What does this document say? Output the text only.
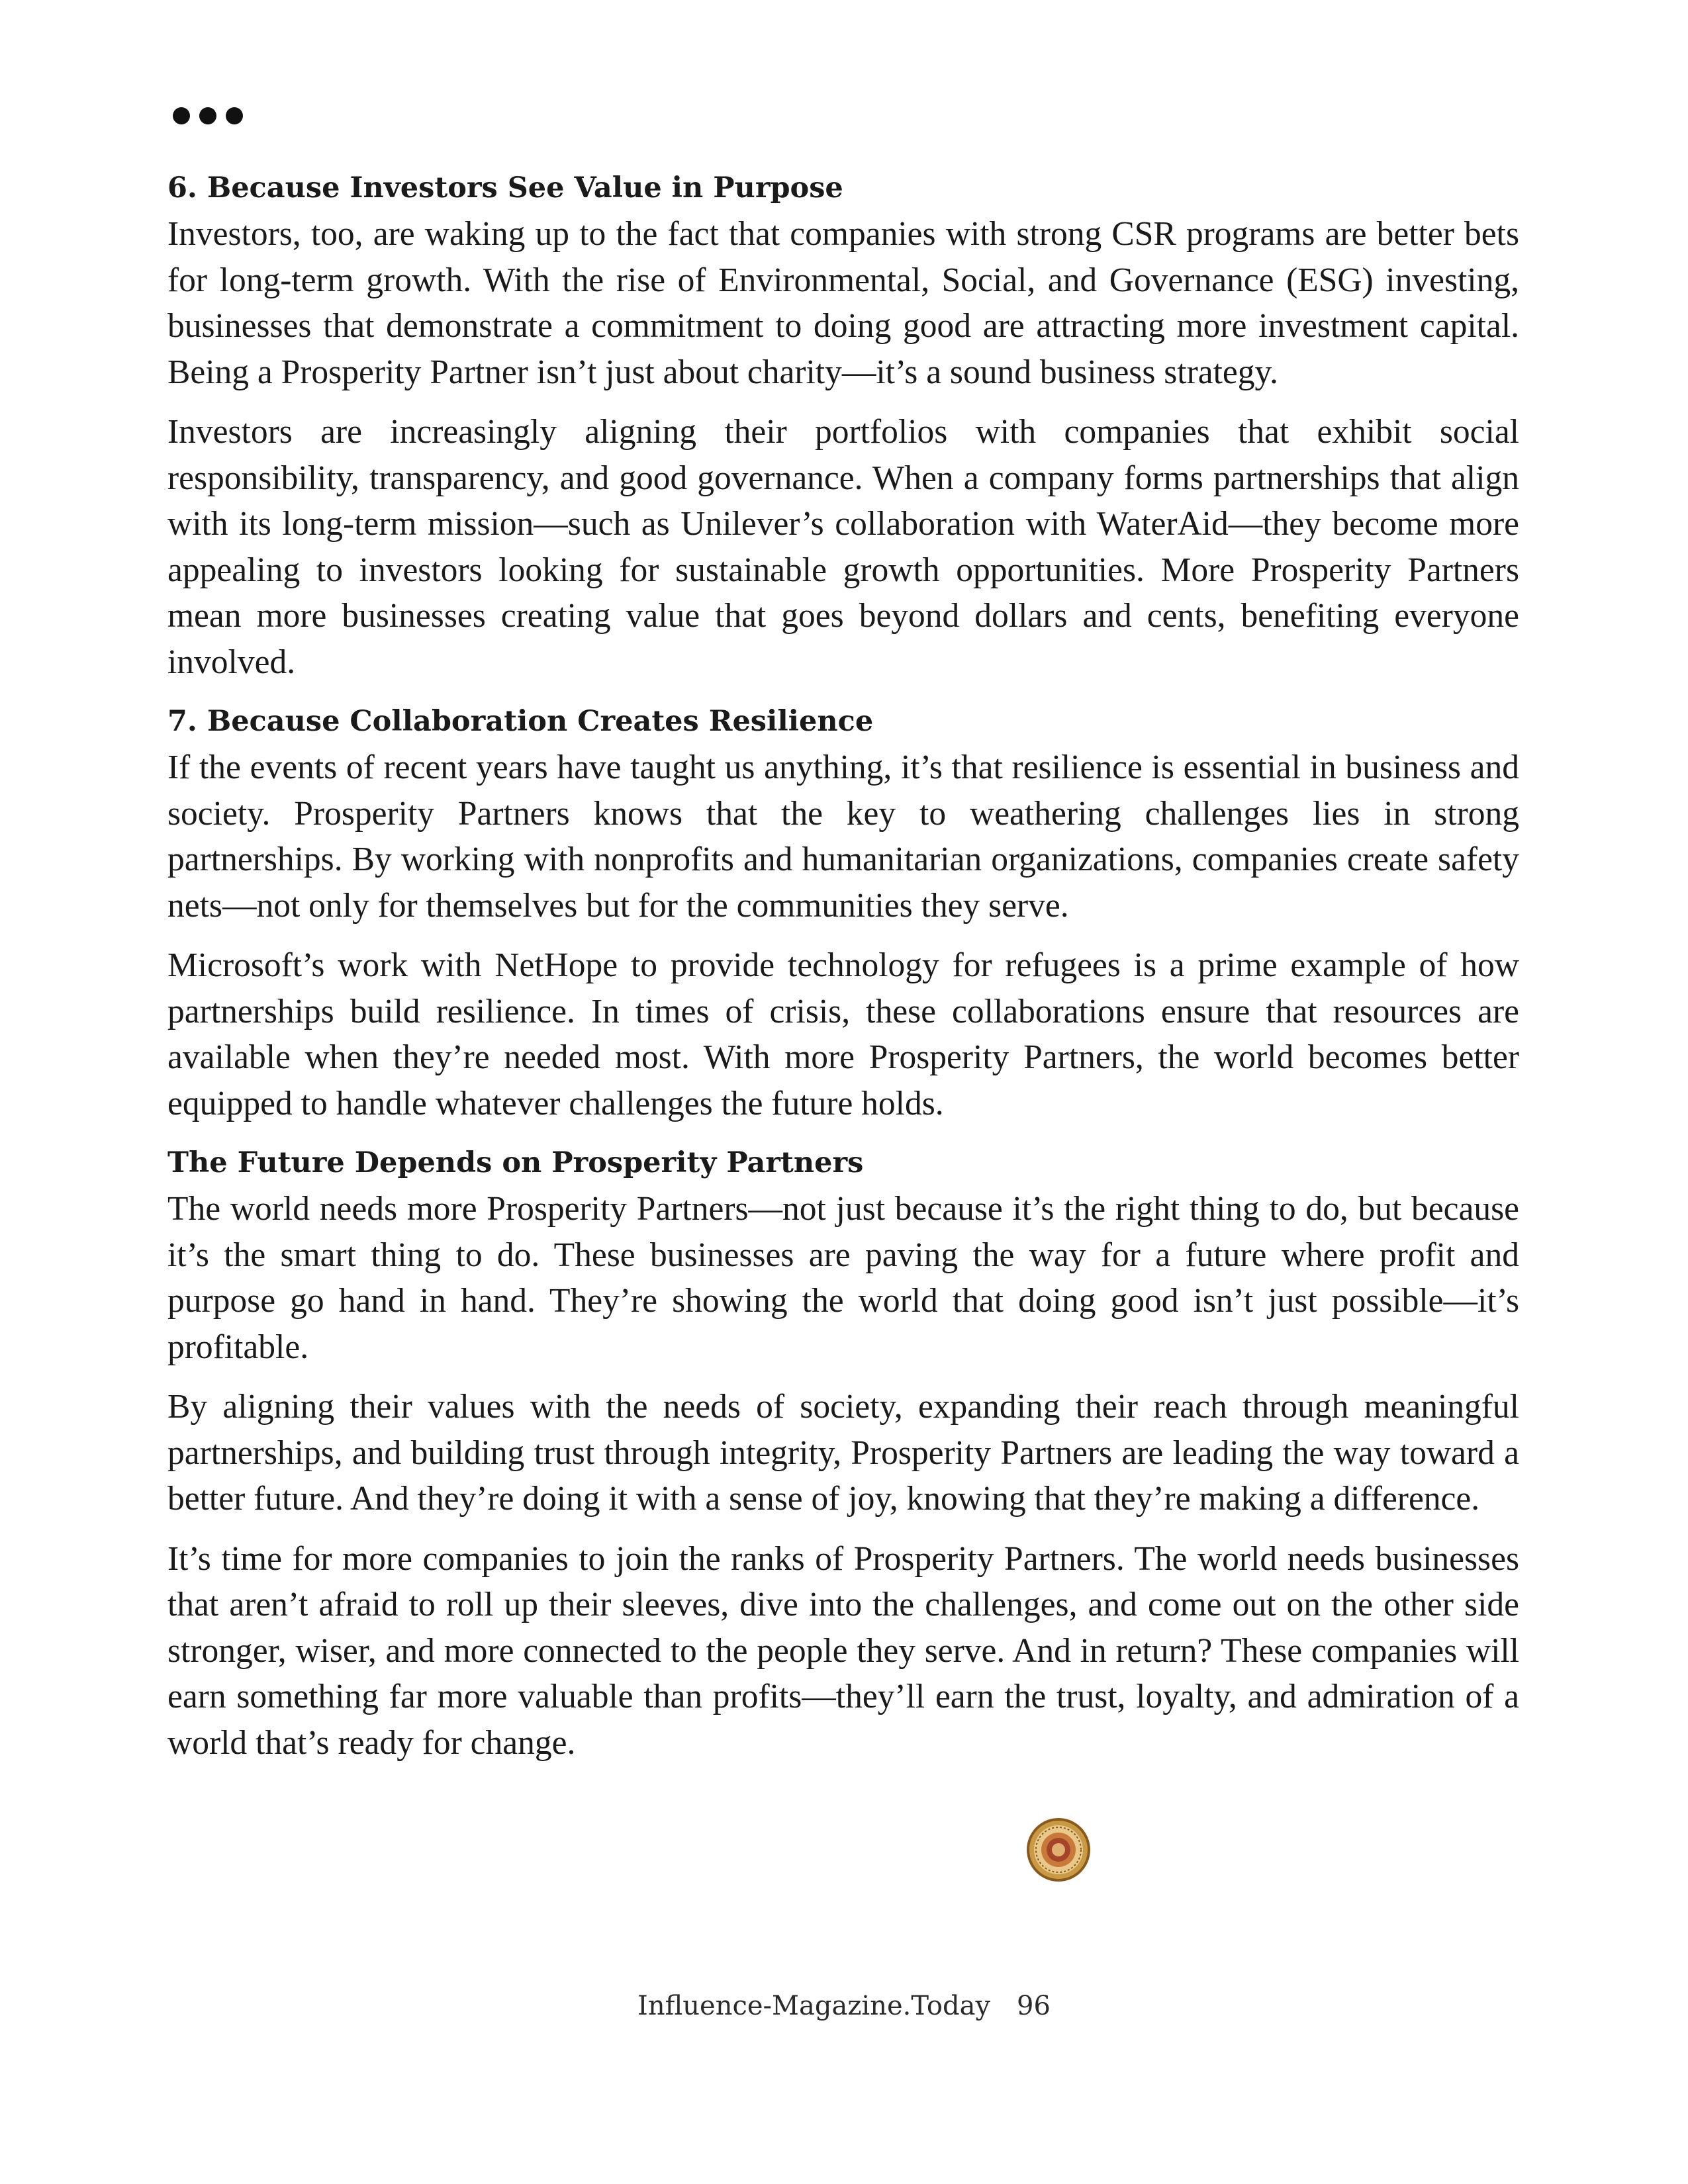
6. Because Investors See Value in Purpose

Investors, too, are waking up to the fact that companies with strong CSR programs are better bets for long-term growth. With the rise of Environmental, Social, and Governance (ESG) investing, businesses that demonstrate a commitment to doing good are attracting more investment capital. Being a Prosperity Partner isn’t just about charity—it’s a sound business strategy.

Investors are increasingly aligning their portfolios with companies that exhibit social responsibility, transparency, and good governance. When a company forms partnerships that align with its long-term mission—such as Unilever’s collaboration with WaterAid—they become more appealing to investors looking for sustainable growth opportunities. More Prosperity Partners mean more businesses creating value that goes beyond dollars and cents, benefiting everyone involved.

7. Because Collaboration Creates Resilience

If the events of recent years have taught us anything, it’s that resilience is essential in business and society. Prosperity Partners knows that the key to weathering challenges lies in strong partnerships. By working with nonprofits and humanitarian organizations, companies create safety nets—not only for themselves but for the communities they serve.

Microsoft’s work with NetHope to provide technology for refugees is a prime example of how partnerships build resilience. In times of crisis, these collaborations ensure that resources are available when they’re needed most. With more Prosperity Partners, the world becomes better equipped to handle whatever challenges the future holds.

The Future Depends on Prosperity Partners

The world needs more Prosperity Partners—not just because it’s the right thing to do, but because it’s the smart thing to do. These businesses are paving the way for a future where profit and purpose go hand in hand. They’re showing the world that doing good isn’t just possible—it’s profitable.

By aligning their values with the needs of society, expanding their reach through meaningful partnerships, and building trust through integrity, Prosperity Partners are leading the way toward a better future. And they’re doing it with a sense of joy, knowing that they’re making a difference.

It’s time for more companies to join the ranks of Prosperity Partners. The world needs businesses that aren’t afraid to roll up their sleeves, dive into the challenges, and come out on the other side stronger, wiser, and more connected to the people they serve. And in return? These companies will earn something far more valuable than profits—they’ll earn the trust, loyalty, and admiration of a world that’s ready for change.

Influence-Magazine.Today 96
